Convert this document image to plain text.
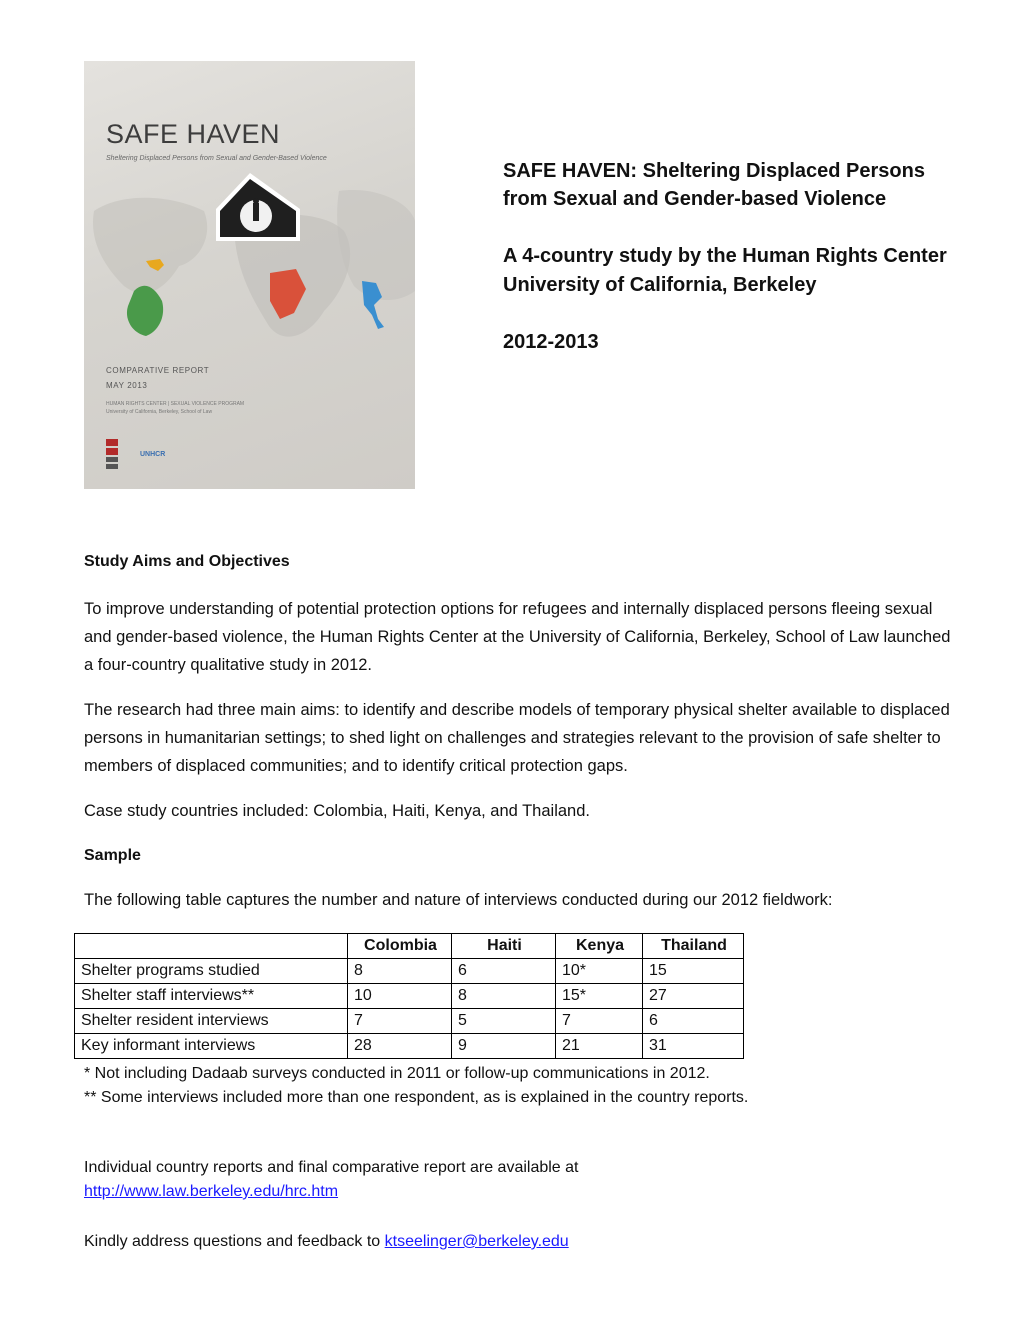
SAFE HAVEN
Sheltering Displaced Persons from Sexual and Gender-Based Violence
COMPARATIVE REPORT
MAY 2013
HUMAN RIGHTS CENTER | SEXUAL VIOLENCE PROGRAM
University of California, Berkeley, School of Law
UNHCR
SAFE HAVEN: Sheltering Displaced Persons
from Sexual and Gender-based Violence
A 4-country study by the Human Rights Center
University of California, Berkeley
2012-2013
Study Aims and Objectives
To improve understanding of potential protection options for refugees and internally displaced persons fleeing sexual and gender-based violence, the Human Rights Center at the University of California, Berkeley, School of Law launched a four-country qualitative study in 2012.
The research had three main aims: to identify and describe models of temporary physical shelter available to displaced persons in humanitarian settings; to shed light on challenges and strategies relevant to the provision of safe shelter to members of displaced communities; and to identify critical protection gaps.
Case study countries included: Colombia, Haiti, Kenya, and Thailand.
Sample
The following table captures the number and nature of interviews conducted during our 2012 fieldwork:
	Colombia	Haiti	Kenya	Thailand
Shelter programs studied	8	6	10*	15
Shelter staff interviews**	10	8	15*	27
Shelter resident interviews	7	5	7	6
Key informant interviews	28	9	21	31
* Not including Dadaab surveys conducted in 2011 or follow-up communications in 2012.
** Some interviews included more than one respondent, as is explained in the country reports.
Individual country reports and final comparative report are available at
http://www.law.berkeley.edu/hrc.htm
Kindly address questions and feedback to ktseelinger@berkeley.edu
